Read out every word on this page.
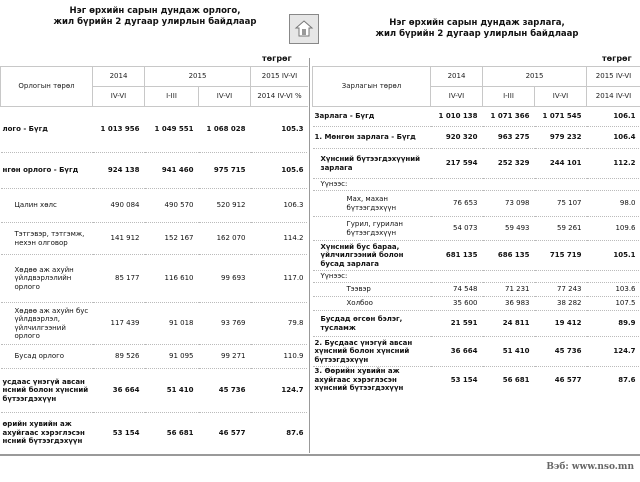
Нэг өрхийн сарын дундаж орлого,
жил бүрийн 2 дугаар улирлын байдлаар
төгрөг
Орлогын төрөл	2014	2015		2015 IV-VI
	IV-VI	I-III	IV-VI	2014 IV-VI %
лого - Бүгд	1 013 956	1 049 551	1 068 028	105.3
нгөн орлого - Бүгд	924 138	941 460	975 715	105.6
Цалин хөлс	490 084	490 570	520 912	106.3
Тэтгэвэр, тэтгэмж, нехэн олговор	141 912	152 167	162 070	114.2
Хөдөө аж ахуйн үйлдвэрлэлийн орлого	85 177	116 610	99 693	117.0
Хөдөө аж ахуйн бус үйлдвэрлэл, үйлчилгээний орлого	117 439	91 018	93 769	79.8
Бусад орлого	89 526	91 095	99 271	110.9
усдаас үнэгүй авсан нсний болон хүнсний бүтээгдэхүүн	36 664	51 410	45 736	124.7
өрийн хувийн аж ахуйгаас хэрэглэсэн нсний бүтээгдэхүүн	53 154	56 681	46 577	87.6
Нэг өрхийн сарын дундаж зарлага,
жил бүрийн 2 дугаар улирлын байдлаар
төгрөг
Зарлагын төрөл	2014	2015		2015 IV-VI
	IV-VI	I-III	IV-VI	2014 IV-VI
Зарлага - Бүгд	1 010 138	1 071 366	1 071 545	106.1
1. Мөнгөн зарлага - Бүгд	920 320	963 275	979 232	106.4
Хүнсний бүтээгдэхүүний зарлага	217 594	252 329	244 101	112.2
Үүнээс:				
Мах, махан бүтээгдэхүүн	76 653	73 098	75 107	98.0
Гурил, гурилан бүтээгдэхүүн	54 073	59 493	59 261	109.6
Хүнсний бус бараа, үйлчилгээний болон бусад зарлага	681 135	686 135	715 719	105.1
Үүнээс:				
Тээвэр	74 548	71 231	77 243	103.6
Холбоо	35 600	36 983	38 282	107.5
Бусдад өгсөн бэлэг, тусламж	21 591	24 811	19 412	89.9
2. Бусдаас үнэгүй авсан хүнсний болон хүнсний бүтээгдэхүүн	36 664	51 410	45 736	124.7
3. Өөрийн хувийн аж ахуйгаас хэрэглэсэн хүнсний бүтээгдэхүүн	53 154	56 681	46 577	87.6
Вэб: www.nso.mn
